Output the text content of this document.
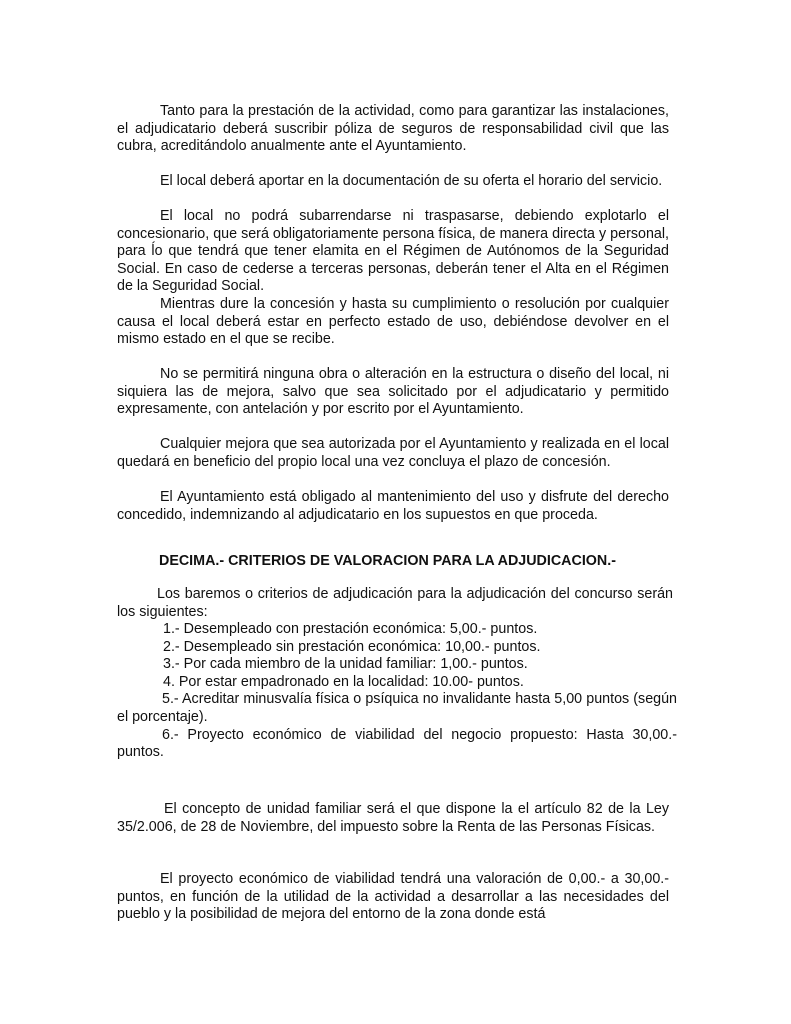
Tanto para la prestación de la actividad, como para garantizar las instalaciones, el adjudicatario deberá suscribir póliza de seguros de responsabilidad civil que las cubra, acreditándolo anualmente ante el Ayuntamiento.

El local deberá aportar en la documentación de su oferta el horario del servicio.

El local no podrá subarrendarse ni traspasarse, debiendo explotarlo el concesionario, que será obligatoriamente persona física, de manera directa y personal, para ĺo que tendrá que tener elamita en el Régimen de Autónomos de la Seguridad Social. En caso de cederse a terceras personas, deberán tener el Alta en el Régimen de la Seguridad Social.

Mientras dure la concesión y hasta su cumplimiento o resolución por cualquier causa el local deberá estar en perfecto estado de uso, debiéndose devolver en el mismo estado en el que se recibe.

No se permitirá ninguna obra o alteración en la estructura o diseño del local, ni siquiera las de mejora, salvo que sea solicitado por el adjudicatario y permitido expresamente, con antelación y por escrito por el Ayuntamiento.

Cualquier mejora que sea autorizada por el Ayuntamiento y realizada en el local quedará en beneficio del propio local una vez concluya el plazo de concesión.

El Ayuntamiento está obligado al mantenimiento del uso y disfrute del derecho concedido, indemnizando al adjudicatario en los supuestos en que proceda.

DECIMA.- CRITERIOS DE VALORACION PARA LA ADJUDICACION.-

Los baremos o criterios de adjudicación para la adjudicación del concurso serán los siguientes:

1.- Desempleado con prestación económica: 5,00.- puntos.
2.- Desempleado sin prestación económica: 10,00.- puntos.
3.- Por cada miembro de la unidad familiar: 1,00.- puntos.
4. Por estar empadronado en la localidad: 10.00- puntos.
5.- Acreditar minusvalía física o psíquica no invalidante hasta 5,00 puntos (según el porcentaje).
6.- Proyecto económico de viabilidad del negocio propuesto: Hasta 30,00.- puntos.

El concepto de unidad familiar será el que dispone la el artículo 82 de la Ley 35/2.006, de 28 de Noviembre, del impuesto sobre la Renta de las Personas Físicas.

El proyecto económico de viabilidad tendrá una valoración de 0,00.- a 30,00.- puntos, en función de la utilidad de la actividad a desarrollar a las necesidades del pueblo y la posibilidad de mejora del entorno de la zona donde está
